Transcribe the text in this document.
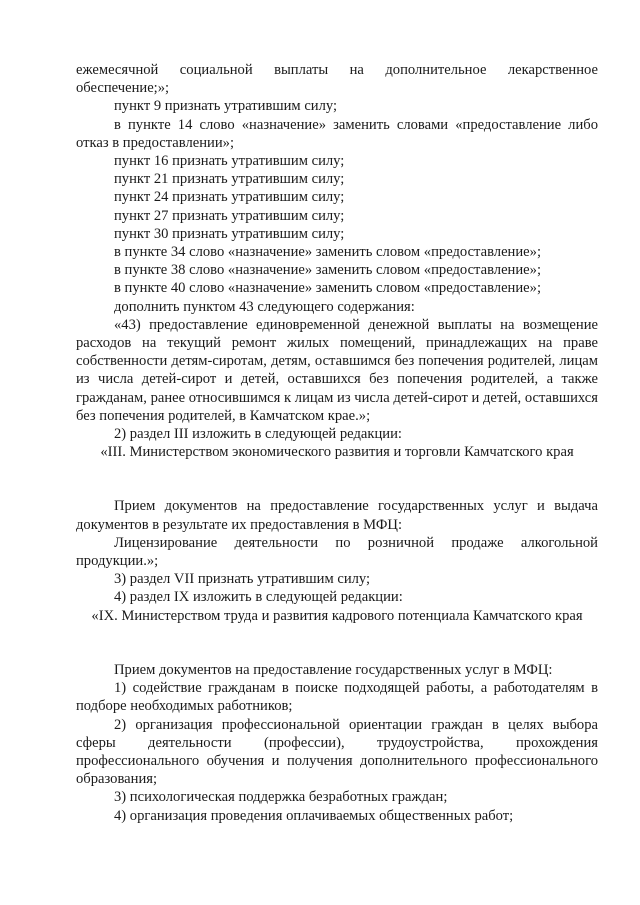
ежемесячной социальной выплаты на дополнительное лекарственное обеспечение;»;

пункт 9 признать утратившим силу;

в пункте 14 слово «назначение» заменить словами «предоставление либо отказ в предоставлении»;

пункт 16 признать утратившим силу;

пункт 21 признать утратившим силу;

пункт 24 признать утратившим силу;

пункт 27 признать утратившим силу;

пункт 30 признать утратившим силу;

в пункте 34 слово «назначение» заменить словом «предоставление»;

в пункте 38 слово «назначение» заменить словом «предоставление»;

в пункте 40 слово «назначение» заменить словом «предоставление»;

дополнить пунктом 43 следующего содержания:

«43) предоставление единовременной денежной выплаты на возмещение расходов на текущий ремонт жилых помещений, принадлежащих на праве собственности детям-сиротам, детям, оставшимся без попечения родителей, лицам из числа детей-сирот и детей, оставшихся без попечения родителей, а также гражданам, ранее относившимся к лицам из числа детей-сирот и детей, оставшихся без попечения родителей, в Камчатском крае.»;

2) раздел III изложить в следующей редакции:

«III. Министерством экономического развития и торговли Камчатского края

Прием документов на предоставление государственных услуг и выдача документов в результате их предоставления в МФЦ:

Лицензирование деятельности по розничной продаже алкогольной продукции.»;

3) раздел VII признать утратившим силу;

4) раздел IX изложить в следующей редакции:

«IX. Министерством труда и развития кадрового потенциала Камчатского края

Прием документов на предоставление государственных услуг в МФЦ:

1) содействие гражданам в поиске подходящей работы, а работодателям в подборе необходимых работников;

2) организация профессиональной ориентации граждан в целях выбора сферы деятельности (профессии), трудоустройства, прохождения профессионального обучения и получения дополнительного профессионального образования;

3) психологическая поддержка безработных граждан;

4) организация проведения оплачиваемых общественных работ;
